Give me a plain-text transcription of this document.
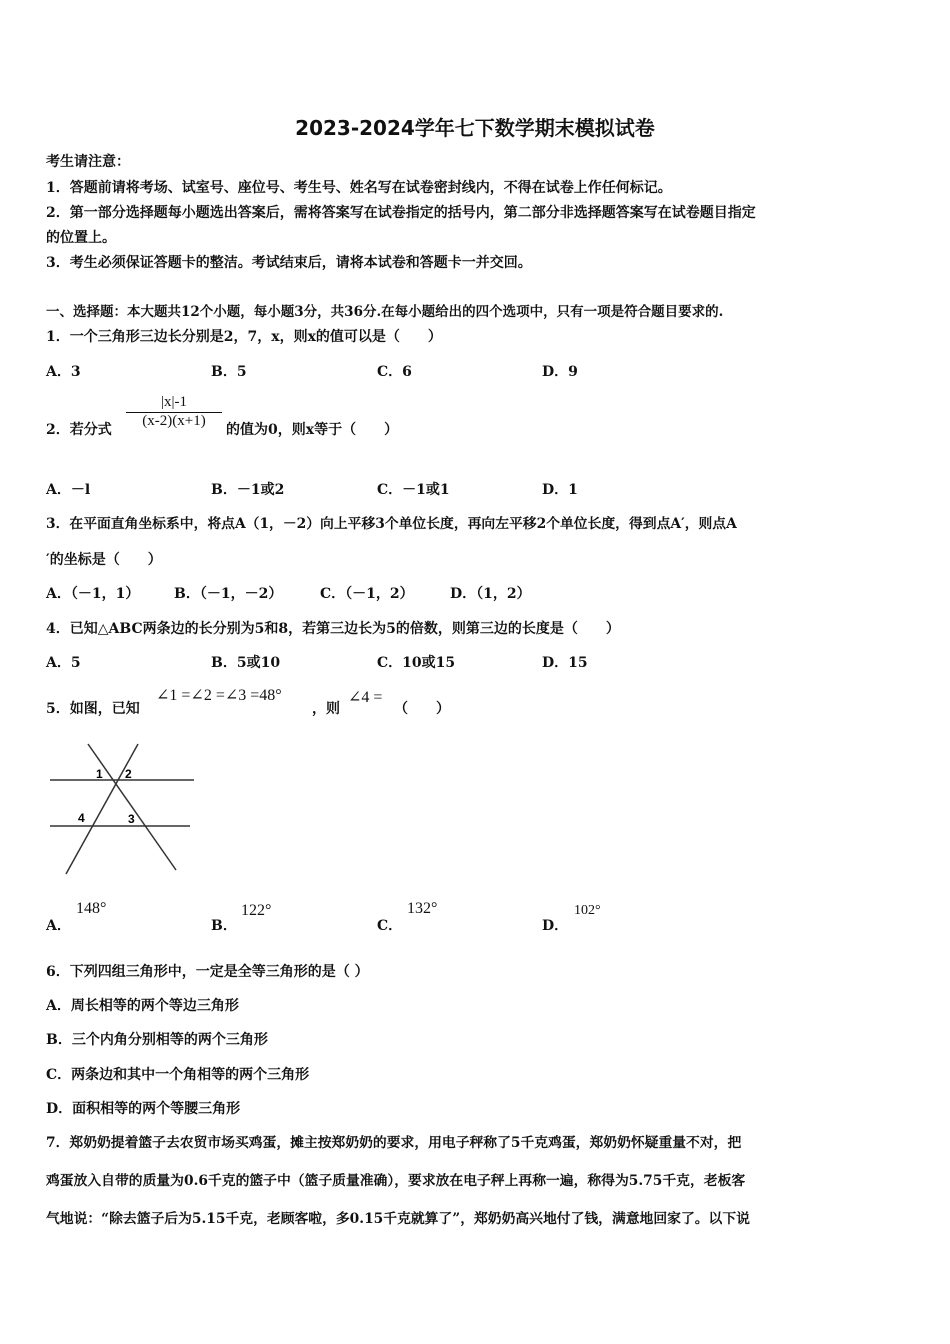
2023-2024学年七下数学期末模拟试卷
考生请注意：
1．答题前请将考场、试室号、座位号、考生号、姓名写在试卷密封线内，不得在试卷上作任何标记。
2．第一部分选择题每小题选出答案后，需将答案写在试卷指定的括号内，第二部分非选择题答案写在试卷题目指定
的位置上。
3．考生必须保证答题卡的整洁。考试结束后，请将本试卷和答题卡一并交回。
一、选择题：本大题共12个小题，每小题3分，共36分.在每小题给出的四个选项中，只有一项是符合题目要求的.
1．一个三角形三边长分别是2，7，x，则x的值可以是（　　）
A．3	B．5	C．6	D．9
2．若分式 $\frac{|x|-1}{(x-2)(x+1)}$ 的值为0，则x等于（　　）
A．－l	B．－1或2	C．－1或1	D．1
3．在平面直角坐标系中，将点A（1，－2）向上平移3个单位长度，再向左平移2个单位长度，得到点A′，则点A
′的坐标是（　　）
A．（－1，1） B．（－1，－2）	C．（－1，2）	D．（1，2）
4．已知△ABC两条边的长分别为5和8，若第三边长为5的倍数，则第三边的长度是（　　）
A．5	B．5或10	C．10或15	D．15
5．如图，已知
∠1 =∠2 =∠3 =48°
，则
∠4 =
（　　）
1 2
3
4
A．
148°
B．
122°
C．
132°
D．
102°
6．下列四组三角形中，一定是全等三角形的是（ ）
A．周长相等的两个等边三角形
B．三个内角分别相等的两个三角形
C．两条边和其中一个角相等的两个三角形
D．面积相等的两个等腰三角形
7．郑奶奶提着篮子去农贸市场买鸡蛋，摊主按郑奶奶的要求，用电子秤称了5千克鸡蛋，郑奶奶怀疑重量不对，把
鸡蛋放入自带的质量为0.6千克的篮子中（篮子质量准确），要求放在电子秤上再称一遍，称得为5.75千克，老板客
气地说：“除去篮子后为5.15千克，老顾客啦，多0.15千克就算了”，郑奶奶高兴地付了钱，满意地回家了。以下说
